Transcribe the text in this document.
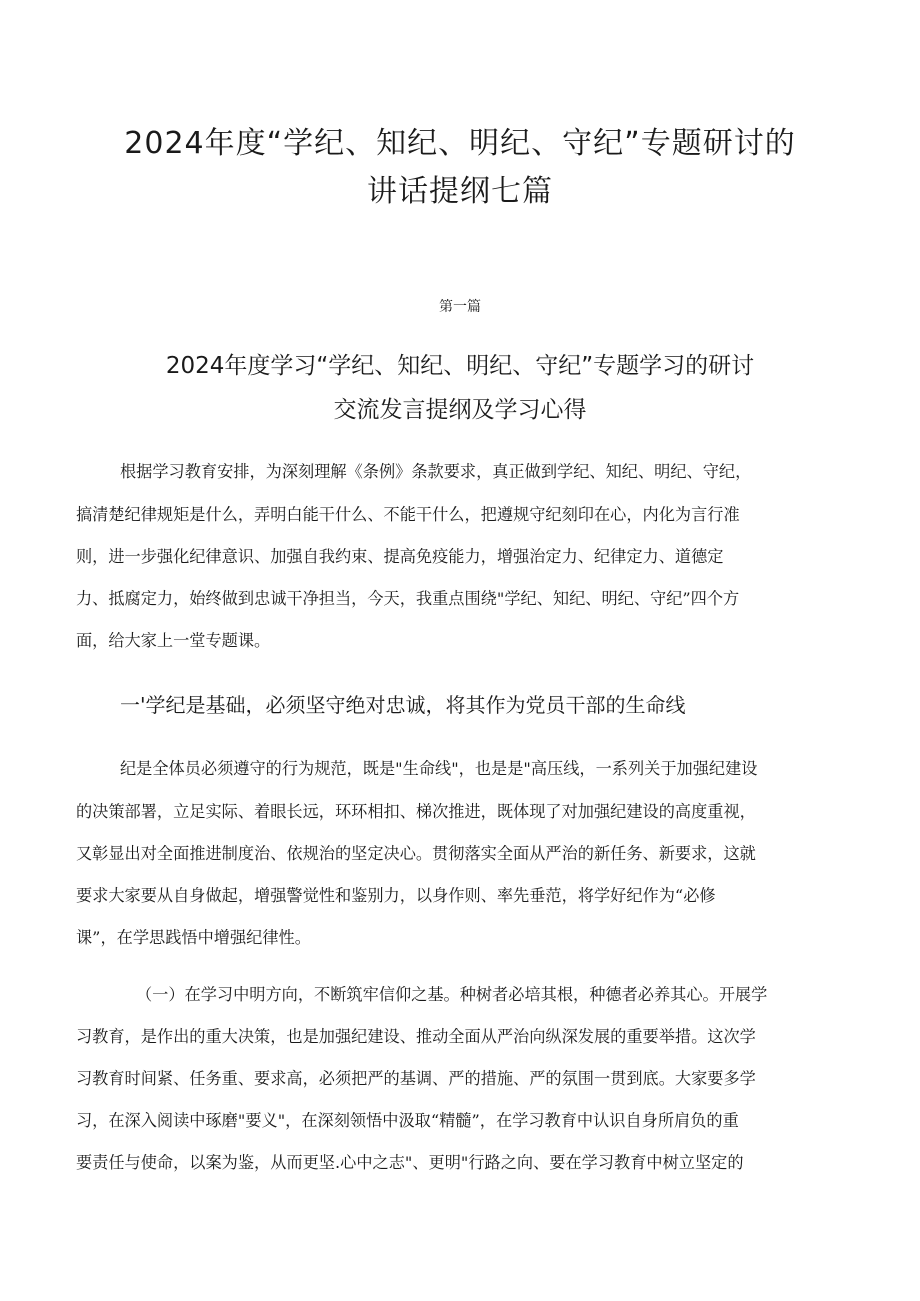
2024年度“学纪、知纪、明纪、守纪”专题研讨的
讲话提纲七篇

第一篇

2024年度学习“学纪、知纪、明纪、守纪”专题学习的研讨
交流发言提纲及学习心得

根据学习教育安排，为深刻理解《条例》条款要求，真正做到学纪、知纪、明纪、守纪，

搞清楚纪律规矩是什么，弄明白能干什么、不能干什么，把遵规守纪刻印在心，内化为言行准

则，进一步强化纪律意识、加强自我约束、提高免疫能力，增强治定力、纪律定力、道德定

力、抵腐定力，始终做到忠诚干净担当，今天，我重点围绕"学纪、知纪、明纪、守纪”四个方

面，给大家上一堂专题课。

一'学纪是基础，必须坚守绝对忠诚，将其作为党员干部的生命线

纪是全体员必须遵守的行为规范，既是"生命线"，也是是"高压线，一系列关于加强纪建设

的决策部署，立足实际、着眼长远，环环相扣、梯次推进，既体现了对加强纪建设的高度重视，

又彰显出对全面推进制度治、依规治的坚定决心。贯彻落实全面从严治的新任务、新要求，这就

要求大家要从自身做起，增强警觉性和鉴别力，以身作则、率先垂范，将学好纪作为“必修

课”，在学思践悟中增强纪律性。

（一）在学习中明方向，不断筑牢信仰之基。种树者必培其根，种德者必养其心。开展学

习教育，是作出的重大决策，也是加强纪建设、推动全面从严治向纵深发展的重要举措。这次学

习教育时间紧、任务重、要求高，必须把严的基调、严的措施、严的氛围一贯到底。大家要多学

习，在深入阅读中琢磨"要义"，在深刻领悟中汲取“精髓”，在学习教育中认识自身所肩负的重

要责任与使命，以案为鉴，从而更坚.心中之志"、更明"行路之向、要在学习教育中树立坚定的
